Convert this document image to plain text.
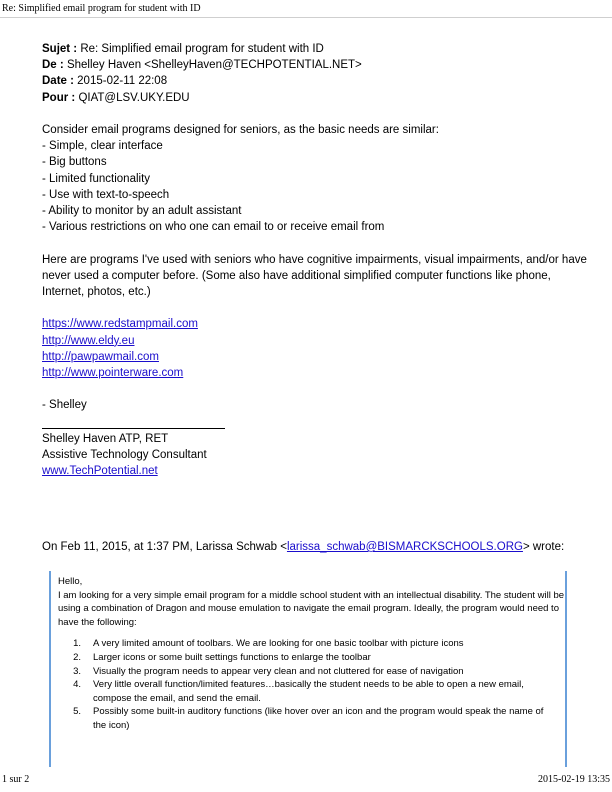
Re: Simplified email program for student with ID
Sujet : Re: Simplified email program for student with ID
De : Shelley Haven <ShelleyHaven@TECHPOTENTIAL.NET>
Date : 2015-02-11 22:08
Pour : QIAT@LSV.UKY.EDU

Consider email programs designed for seniors, as the basic needs are similar:

- Simple, clear interface
- Big buttons
- Limited functionality
- Use with text-to-speech
- Ability to monitor by an adult assistant
- Various restrictions on who one can email to or receive email from

Here are programs I've used with seniors who have cognitive impairments, visual impairments, and/or have never used a computer before. (Some also have additional simplified computer functions like phone, Internet, photos, etc.)

https://www.redstampmail.com
http://www.eldy.eu
http://pawpawmail.com
http://www.pointerware.com
- Shelley
Shelley Haven ATP, RET
Assistive Technology Consultant
www.TechPotential.net
On Feb 11, 2015, at 1:37 PM, Larissa Schwab <larissa_schwab@BISMARCKSCHOOLS.ORG> wrote:

Hello,

I am looking for a very simple email program for a middle school student with an intellectual disability. The student will be using a combination of Dragon and mouse emulation to navigate the email program. Ideally, the program would need to have the following:

1.	A very limited amount of toolbars. We are looking for one basic toolbar with picture icons
2.	Larger icons or some built settings functions to enlarge the toolbar
3.	Visually the program needs to appear very clean and not cluttered for ease of navigation
4.	Very little overall function/limited features…basically the student needs to be able to open a new email, compose the email, and send the email.
5.	Possibly some built-in auditory functions (like hover over an icon and the program would speak the name of the icon)
1 sur 2	2015-02-19 13:35
